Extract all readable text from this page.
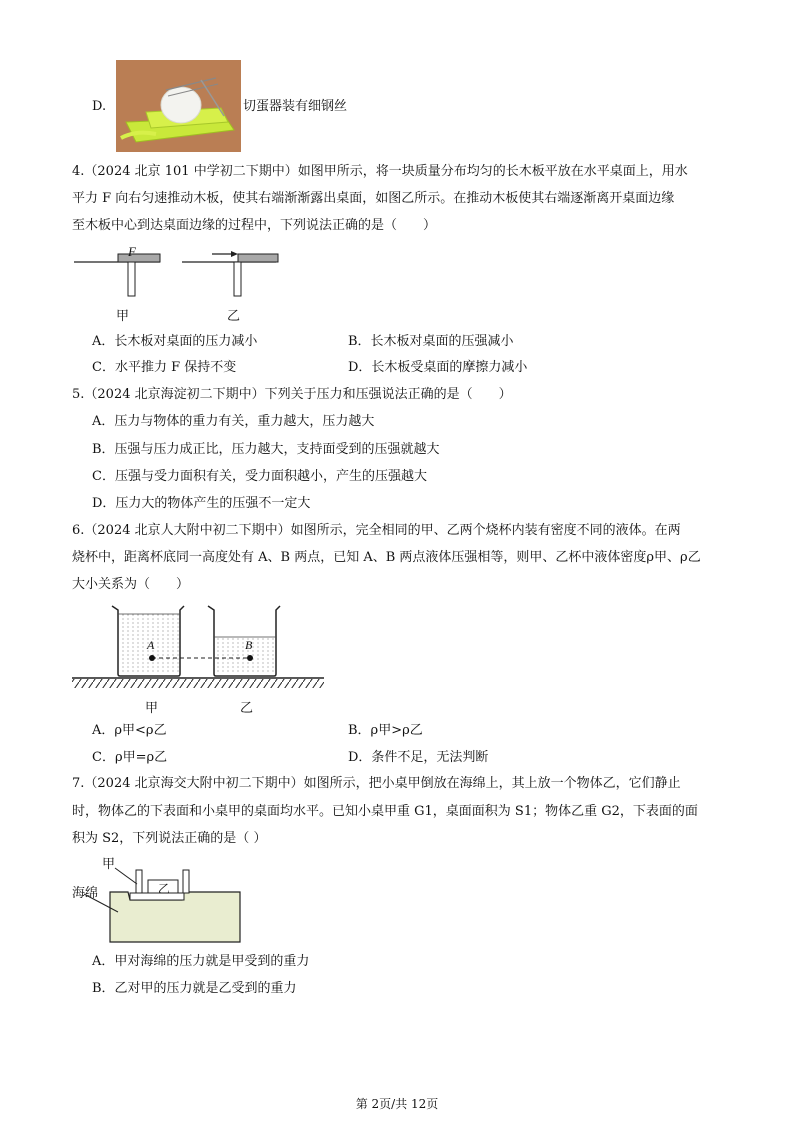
D.	切蛋器装有细钢丝
4.（2024 北京 101 中学初二下期中）如图甲所示，将一块质量分布均匀的长木板平放在水平桌面上，用水
平力 F 向右匀速推动木板，使其右端渐渐露出桌面，如图乙所示。在推动木板使其右端逐渐离开桌面边缘
至木板中心到达桌面边缘的过程中，下列说法正确的是（　　）
F
甲	乙
A．长木板对桌面的压力减小	B．长木板对桌面的压强减小
C．水平推力 F 保持不变	D．长木板受桌面的摩擦力减小
5.（2024 北京海淀初二下期中）下列关于压力和压强说法正确的是（　　）
A．压力与物体的重力有关，重力越大，压力越大
B．压强与压力成正比，压力越大，支持面受到的压强就越大
C．压强与受力面积有关，受力面积越小，产生的压强越大
D．压力大的物体产生的压强不一定大
6.（2024 北京人大附中初二下期中）如图所示，完全相同的甲、乙两个烧杯内装有密度不同的液体。在两
烧杯中，距离杯底同一高度处有 A、B 两点，已知 A、B 两点液体压强相等，则甲、乙杯中液体密度ρ甲、ρ乙
大小关系为（　　）
A	B
甲	乙
A．ρ甲<ρ乙	B．ρ甲>ρ乙
C．ρ甲=ρ乙	D．条件不足，无法判断
7.（2024 北京海交大附中初二下期中）如图所示，把小桌甲倒放在海绵上，其上放一个物体乙，它们静止
时，物体乙的下表面和小桌甲的桌面均水平。已知小桌甲重 G1，桌面面积为 S1；物体乙重 G2，下表面的面
积为 S2，下列说法正确的是（ ）
甲
乙
海绵
A．甲对海绵的压力就是甲受到的重力
B．乙对甲的压力就是乙受到的重力
第 2页/共 12页
